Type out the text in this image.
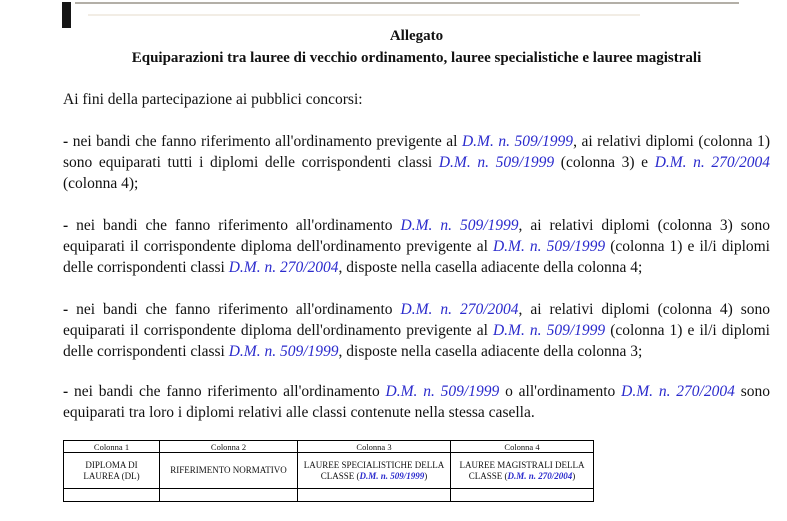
Allegato
Equiparazioni tra lauree di vecchio ordinamento, lauree specialistiche e lauree magistrali

Ai fini della partecipazione ai pubblici concorsi:

- nei bandi che fanno riferimento all'ordinamento previgente al D.M. n. 509/1999, ai relativi diplomi (colonna 1) sono equiparati tutti i diplomi delle corrispondenti classi D.M. n. 509/1999 (colonna 3) e D.M. n. 270/2004 (colonna 4);

- nei bandi che fanno riferimento all'ordinamento D.M. n. 509/1999, ai relativi diplomi (colonna 3) sono equiparati il corrispondente diploma dell'ordinamento previgente al D.M. n. 509/1999 (colonna 1) e il/i diplomi delle corrispondenti classi D.M. n. 270/2004, disposte nella casella adiacente della colonna 4;

- nei bandi che fanno riferimento all'ordinamento D.M. n. 270/2004, ai relativi diplomi (colonna 4) sono equiparati il corrispondente diploma dell'ordinamento previgente al D.M. n. 509/1999 (colonna 1) e il/i diplomi delle corrispondenti classi D.M. n. 509/1999, disposte nella casella adiacente della colonna 3;

- nei bandi che fanno riferimento all'ordinamento D.M. n. 509/1999 o all'ordinamento D.M. n. 270/2004 sono equiparati tra loro i diplomi relativi alle classi contenute nella stessa casella.

Colonna 1	Colonna 2	Colonna 3	Colonna 4
DIPLOMA DI LAUREA (DL)	RIFERIMENTO NORMATIVO	LAUREE SPECIALISTICHE DELLA CLASSE (D.M. n. 509/1999)	LAUREE MAGISTRALI DELLA CLASSE (D.M. n. 270/2004)
